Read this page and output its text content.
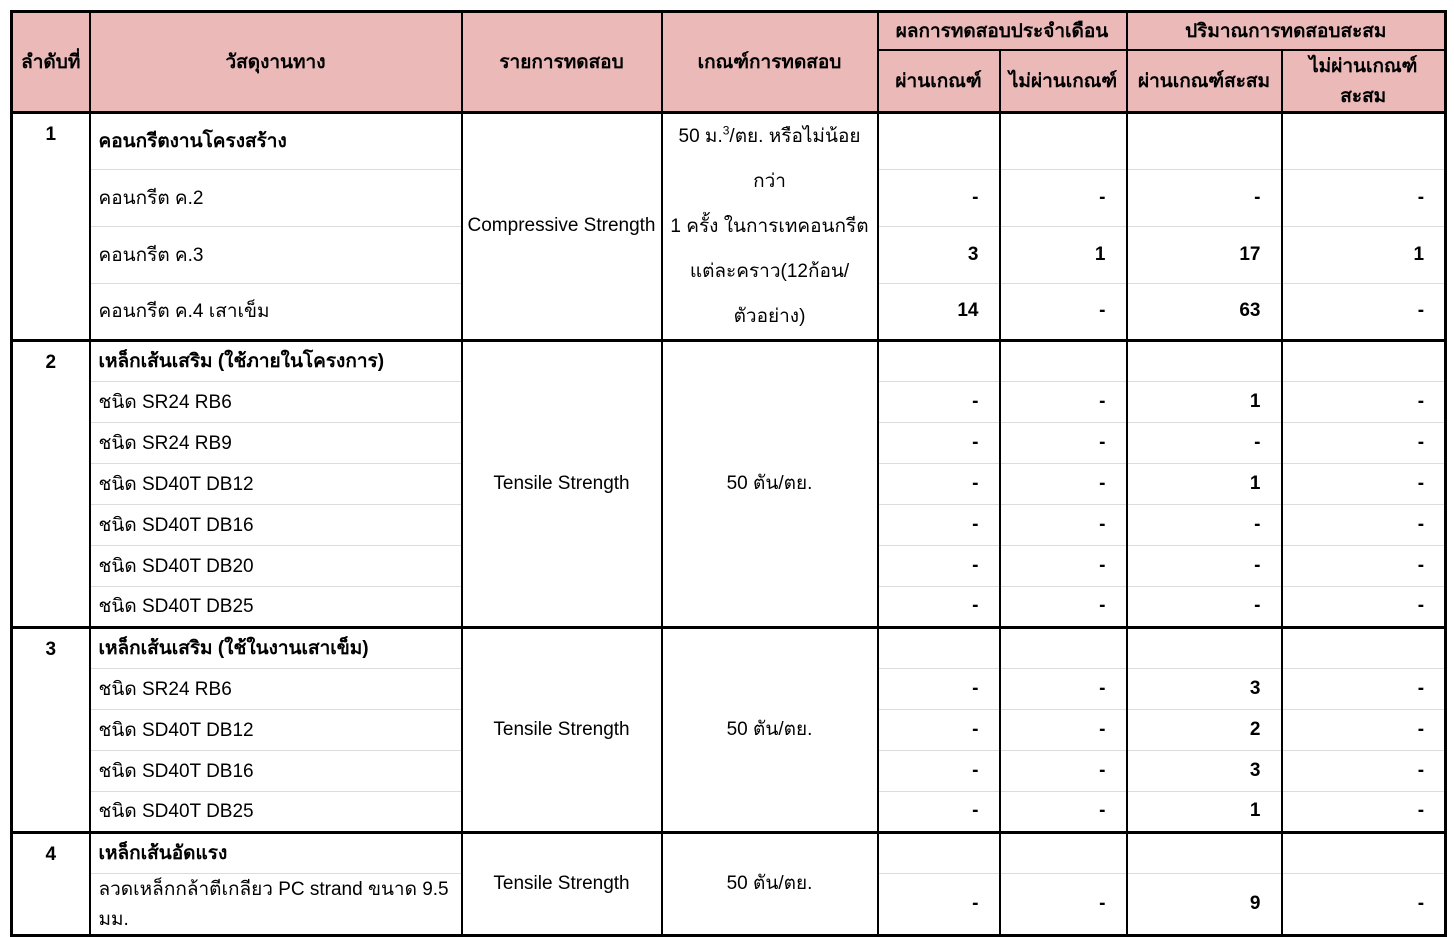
ลำดับที่	วัสดุงานทาง	รายการทดสอบ	เกณฑ์การทดสอบ	ผลการทดสอบประจำเดือน		ปริมาณการทดสอบสะสม	
				ผ่านเกณฑ์	ไม่ผ่านเกณฑ์	ผ่านเกณฑ์สะสม	ไม่ผ่านเกณฑ์สะสม

1	คอนกรีตงานโครงสร้าง	Compressive Strength	50 ม.$^3$/ตย. หรือไม่น้อยกว่า
1 ครั้ง ในการเทคอนกรีต
แต่ละคราว(12ก้อน/ตัวอย่าง)				

	คอนกรีต ค.2			-	-	-	-
	คอนกรีต ค.3			3	1	17	1
	คอนกรีต ค.4 เสาเข็ม			14	-	63	-

2	เหล็กเส้นเสริม (ใช้ภายในโครงการ)	Tensile Strength	50 ตัน/ตย.				

	ชนิด SR24 RB6			-	-	1	-
	ชนิด SR24 RB9			-	-	-	-
	ชนิด SD40T DB12			-	-	1	-
	ชนิด SD40T DB16			-	-	-	-
	ชนิด SD40T DB20			-	-	-	-
	ชนิด SD40T DB25			-	-	-	-

3	เหล็กเส้นเสริม (ใช้ในงานเสาเข็ม)	Tensile Strength	50 ตัน/ตย.				

	ชนิด SR24 RB6			-	-	3	-
	ชนิด SD40T DB12			-	-	2	-
	ชนิด SD40T DB16			-	-	3	-
	ชนิด SD40T DB25			-	-	1	-

4	เหล็กเส้นอัดแรง	Tensile Strength	50 ตัน/ตย.				

	ลวดเหล็กกล้าตีเกลียว PC strand ขนาด 9.5 มม.			-	-	9	-
